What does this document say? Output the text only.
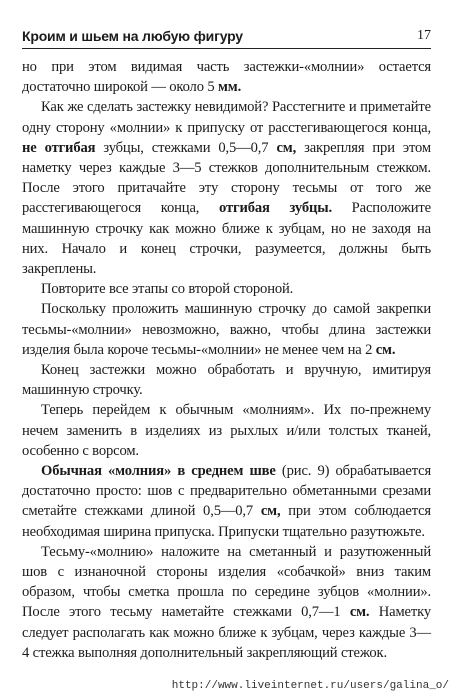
Кроим и шьем на любую фигуру	17

но при этом видимая часть застежки-«молнии» остается достаточно широкой — около 5 мм.

Как же сделать застежку невидимой? Расстегните и приметайте одну сторону «молнии» к припуску от расстегивающегося конца, не отгибая зубцы, стежками 0,5—0,7 см, закрепляя при этом наметку через каждые 3—5 стежков дополнительным стежком. После этого притачайте эту сторону тесьмы от того же расстегивающегося конца, отгибая зубцы. Расположите машинную строчку как можно ближе к зубцам, но не заходя на них. Начало и конец строчки, разумеется, должны быть закреплены.

Повторите все этапы со второй стороной.

Поскольку проложить машинную строчку до самой закрепки тесьмы-«молнии» невозможно, важно, чтобы длина застежки изделия была короче тесьмы-«молнии» не менее чем на 2 см.

Конец застежки можно обработать и вручную, имитируя машинную строчку.

Теперь перейдем к обычным «молниям». Их по-прежнему нечем заменить в изделиях из рыхлых и/или толстых тканей, особенно с ворсом.

Обычная «молния» в среднем шве (рис. 9) обрабатывается достаточно просто: шов с предварительно обметанными срезами сметайте стежками длиной 0,5—0,7 см, при этом соблюдается необходимая ширина припуска. Припуски тщательно разутюжьте.

Тесьму-«молнию» наложите на сметанный и разутюженный шов с изнаночной стороны изделия «собачкой» вниз таким образом, чтобы сметка прошла по середине зубцов «молнии». После этого тесьму наметайте стежками 0,7—1 см. Наметку следует располагать как можно ближе к зубцам, через каждые 3—4 стежка выполняя дополнительный закрепляющий стежок.

http://www.liveinternet.ru/users/galina_o/
